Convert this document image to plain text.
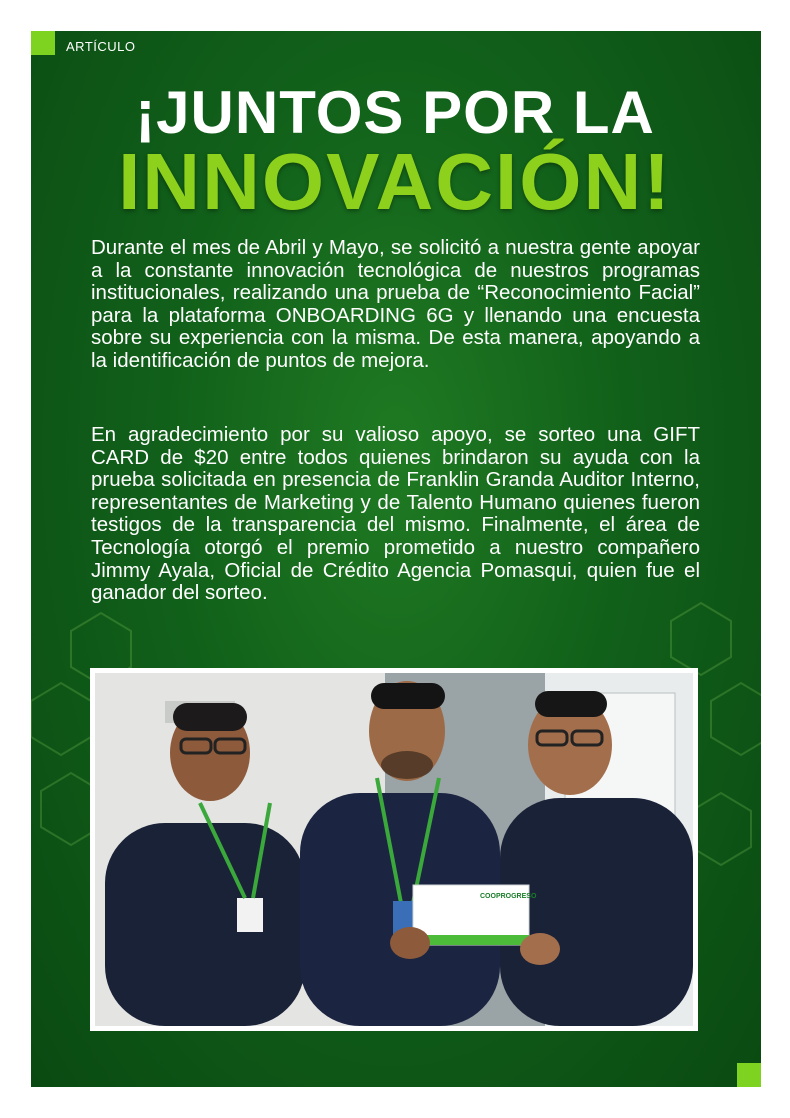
ARTÍCULO
¡JUNTOS POR LA
INNOVACIÓN!

Durante el mes de Abril y Mayo, se solicitó a nuestra gente apoyar a la constante innovación tecnológica de nuestros programas institucionales, realizando una prueba de “Reconocimiento Facial” para la plataforma ONBOARDING 6G y llenando una encuesta sobre su experiencia con la misma. De esta manera, apoyando a la identificación de puntos de mejora.

En agradecimiento por su valioso apoyo, se sorteo una GIFT CARD de $20 entre todos quienes brindaron su ayuda con la prueba solicitada en presencia de Franklin Granda Auditor Interno, representantes de Marketing y de Talento Humano quienes fueron testigos de la transparencia del mismo. Finalmente, el área de Tecnología otorgó el premio prometido a nuestro compañero Jimmy Ayala, Oficial de Crédito Agencia Pomasqui, quien fue el ganador del sorteo.

COOPROGRESO
